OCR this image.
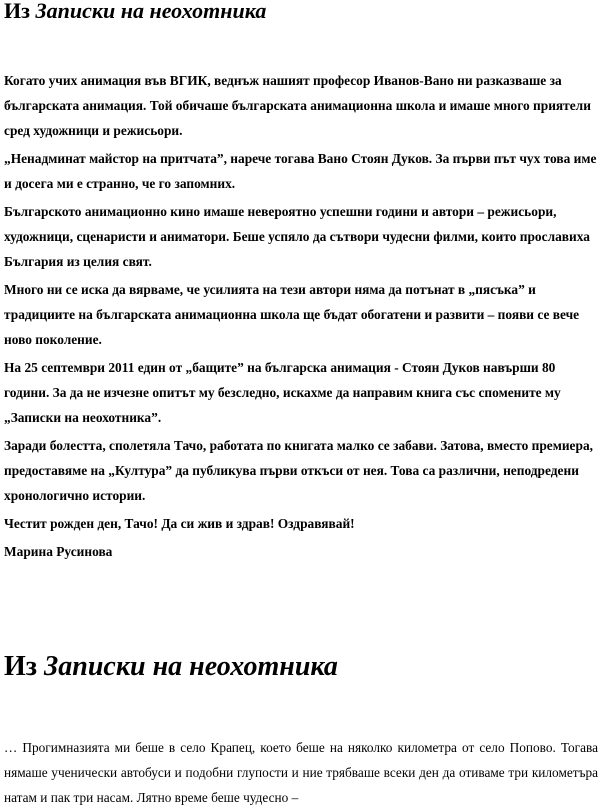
Из Записки на неохотника

Когато учих анимация във ВГИК, веднъж нашият професор Иванов-Вано ни разказваше за българската анимация. Той обичаше българската анимационна школа и имаше много приятели сред художници и режисьори.

„Ненадминат майстор на притчата”, нарече тогава Вано Стоян Дуков. За първи път чух това име и досега ми е странно, че го запомних.

Българското анимационно кино имаше невероятно успешни години и автори – режисьори, художници, сценаристи и аниматори. Беше успяло да сътвори чудесни филми, които прославиха България из целия свят.

Много ни се иска да вярваме, че усилията на тези автори няма да потънат в „пясъка” и традициите на българската анимационна школа ще бъдат обогатени и развити – появи се вече ново поколение.

На 25 септември 2011 един от „бащите” на българска анимация - Стоян Дуков навърши 80 години. За да не изчезне опитът му безследно, искахме да направим книга със спомените му „Записки на неохотника”.

Заради болестта, сполетяла Тачо, работата по книгата малко се забави. Затова, вместо премиера, предоставяме на „Култура” да публикува първи откъси от нея. Това са различни, неподредени хронологично истории.

Честит рожден ден, Тачо! Да си жив и здрав! Оздравявай!

Марина Русинова

Из Записки на неохотника

… Прогимназията ми беше в село Крапец, което беше на няколко километра от село Попово. Тогава нямаше ученически автобуси и подобни глупости и ние трябваше всеки ден да отиваме три километъра натам и пак три насам. Лятно време беше чудесно –
